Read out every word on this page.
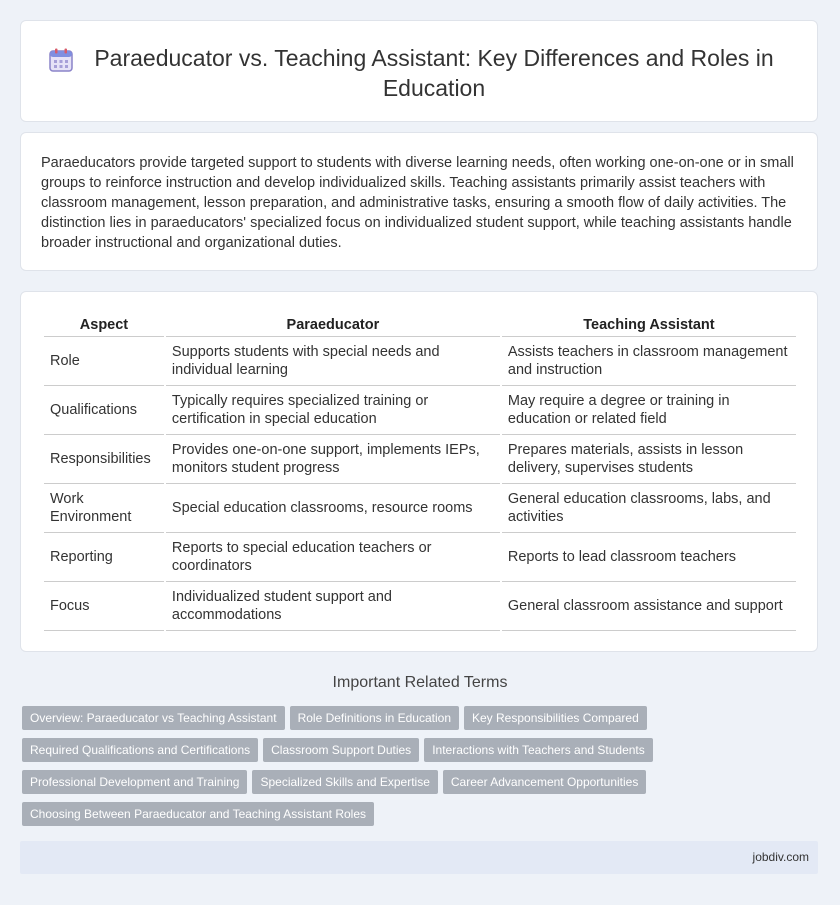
Paraeducator vs. Teaching Assistant: Key Differences and Roles in Education

Paraeducators provide targeted support to students with diverse learning needs, often working one-on-one or in small groups to reinforce instruction and develop individualized skills. Teaching assistants primarily assist teachers with classroom management, lesson preparation, and administrative tasks, ensuring a smooth flow of daily activities. The distinction lies in paraeducators' specialized focus on individualized student support, while teaching assistants handle broader instructional and organizational duties.

Aspect	Paraeducator	Teaching Assistant
Role	Supports students with special needs and individual learning	Assists teachers in classroom management and instruction
Qualifications	Typically requires specialized training or certification in special education	May require a degree or training in education or related field
Responsibilities	Provides one-on-one support, implements IEPs, monitors student progress	Prepares materials, assists in lesson delivery, supervises students
Work Environment	Special education classrooms, resource rooms	General education classrooms, labs, and activities
Reporting	Reports to special education teachers or coordinators	Reports to lead classroom teachers
Focus	Individualized student support and accommodations	General classroom assistance and support
Important Related Terms
Overview: Paraeducator vs Teaching Assistant Role Definitions in Education Key Responsibilities Compared
Required Qualifications and Certifications Classroom Support Duties Interactions with Teachers and Students
Professional Development and Training Specialized Skills and Expertise Career Advancement Opportunities
Choosing Between Paraeducator and Teaching Assistant Roles
jobdiv.com
